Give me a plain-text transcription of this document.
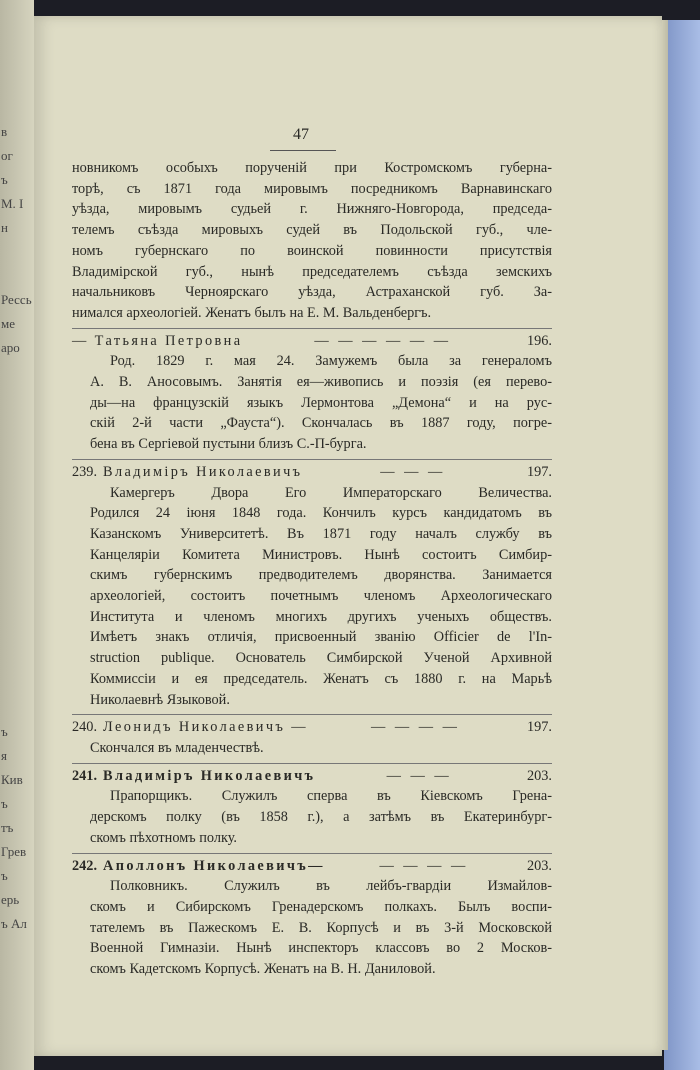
в
ог
ъ
М. I
н
Рессь
ме
аро
ъ
я
Кив
ъ
тъ
Грев
ъ
ерь
ъ Ал
47

новникомъ особыхъ порученій при Костромскомъ губерна-

торѣ, съ 1871 года мировымъ посредникомъ Варнавинскаго

уѣзда, мировымъ судьей г. Нижняго-Новгорода, председа-

телемъ съѣзда мировыхъ судей въ Подольской губ., чле-

номъ губернскаго по воинской повинности присутствія

Владимірской губ., нынѣ председателемъ съѣзда земскихъ

начальниковъ Черноярскаго уѣзда, Астраханской губ. За-

нимался археологіей. Женатъ былъ на Е. М. Вальденбергъ.

— Татьяна Петровна	— — — — — —	196.

Род. 1829 г. мая 24. Замужемъ была за генераломъ

А. В. Аносовымъ. Занятія ея—живопись и поэзія (ея перево-

ды—на французскій языкъ Лермонтова „Демона“ и на рус-

скій 2-й части „Фауста“). Скончалась въ 1887 году, погре-

бена въ Сергіевой пустыни близъ С.-П-бурга.

239. Владиміръ Николаевичъ	— — —	197.

Камергеръ Двора Его Императорскаго Величества.

Родился 24 іюня 1848 года. Кончилъ курсъ кандидатомъ въ

Казанскомъ Университетѣ. Въ 1871 году началъ службу въ

Канцеляріи Комитета Министровъ. Нынѣ состоитъ Симбир-

скимъ губернскимъ предводителемъ дворянства. Занимается

археологіей, состоитъ почетнымъ членомъ Археологическаго

Института и членомъ многихъ другихъ ученыхъ обществъ.

Имѣетъ знакъ отличія, присвоенный званію Officier de l'In-

struction publique. Основатель Симбирской Ученой Архивной

Коммиссіи и ея председатель. Женатъ съ 1880 г. на Марьѣ

Николаевнѣ Языковой.

240. Леонидъ Николаевичъ —	— — — —	197.

Скончался въ младенчествѣ.

241. Владиміръ Николаевичъ	— — —	203.

Прапорщикъ. Служилъ сперва въ Кіевскомъ Грена-

дерскомъ полку (въ 1858 г.), а затѣмъ въ Екатеринбург-

скомъ пѣхотномъ полку.

242. Аполлонъ Николаевичъ—	— — — —	203.

Полковникъ. Служилъ въ лейбъ-гвардіи Измайлов-

скомъ и Сибирскомъ Гренадерскомъ полкахъ. Былъ воспи-

тателемъ въ Пажескомъ Е. В. Корпусѣ и въ 3-й Московской

Военной Гимназіи. Нынѣ инспекторъ классовъ во 2 Москов-

скомъ Кадетскомъ Корпусѣ. Женатъ на В. Н. Даниловой.
